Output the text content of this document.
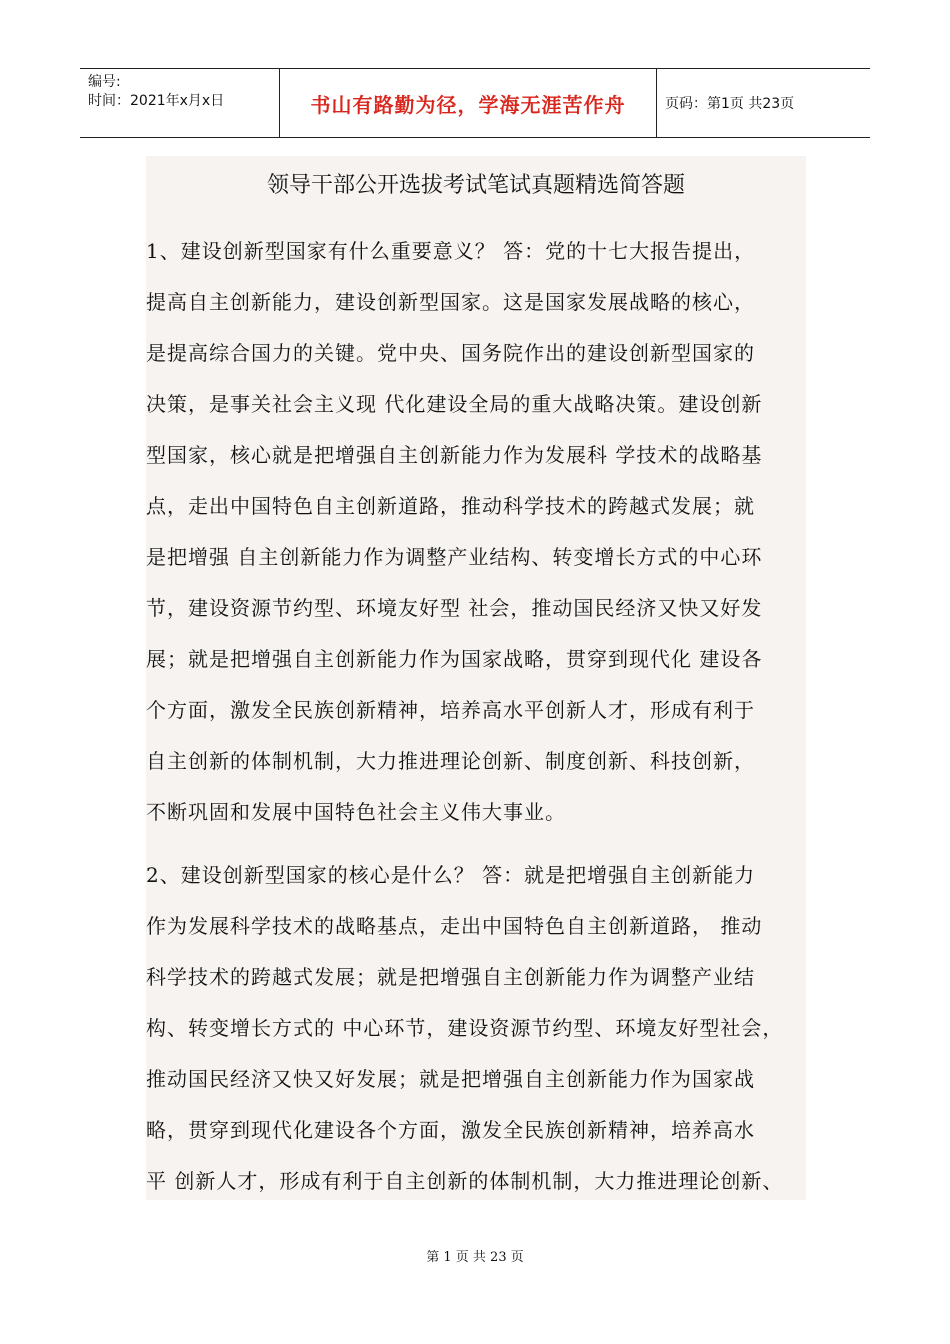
编号:
时间：2021年x月x日	书山有路勤为径，学海无涯苦作舟	页码：第1页 共23页
领导干部公开选拔考试笔试真题精选简答题
1、建设创新型国家有什么重要意义？ 答：党的十七大报告提出，
提高自主创新能力，建设创新型国家。这是国家发展战略的核心，
是提高综合国力的关键。党中央、国务院作出的建设创新型国家的
决策，是事关社会主义现 代化建设全局的重大战略决策。建设创新
型国家，核心就是把增强自主创新能力作为发展科 学技术的战略基
点，走出中国特色自主创新道路，推动科学技术的跨越式发展；就
是把增强 自主创新能力作为调整产业结构、转变增长方式的中心环
节，建设资源节约型、环境友好型 社会，推动国民经济又快又好发
展；就是把增强自主创新能力作为国家战略，贯穿到现代化 建设各
个方面，激发全民族创新精神，培养高水平创新人才，形成有利于
自主创新的体制机制，大力推进理论创新、制度创新、科技创新，
不断巩固和发展中国特色社会主义伟大事业。
2、建设创新型国家的核心是什么？ 答：就是把增强自主创新能力
作为发展科学技术的战略基点，走出中国特色自主创新道路， 推动
科学技术的跨越式发展；就是把增强自主创新能力作为调整产业结
构、转变增长方式的 中心环节，建设资源节约型、环境友好型社会，
推动国民经济又快又好发展；就是把增强自主创新能力作为国家战
略，贯穿到现代化建设各个方面，激发全民族创新精神，培养高水
平 创新人才，形成有利于自主创新的体制机制，大力推进理论创新、
第 1 页 共 23 页
